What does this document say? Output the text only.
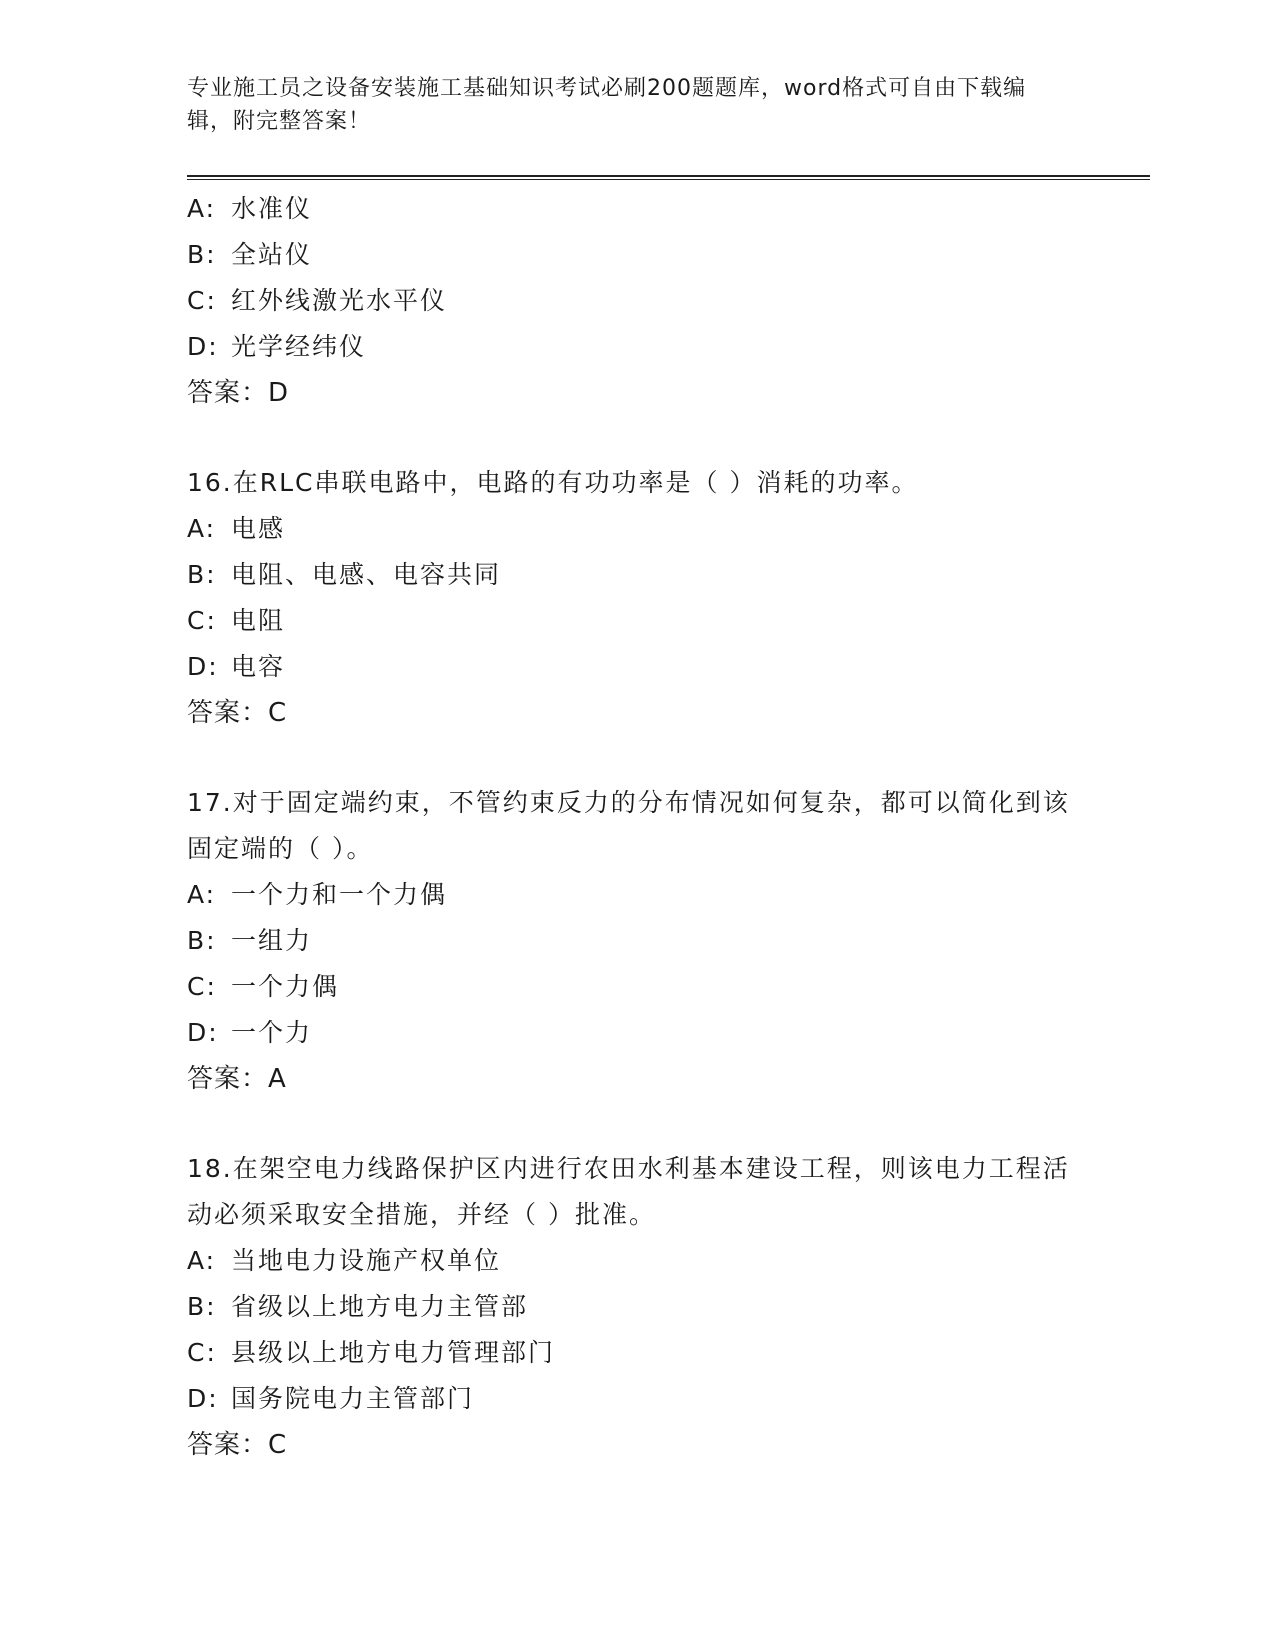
专业施工员之设备安装施工基础知识考试必刷200题题库，word格式可自由下载编辑，附完整答案！
A: 水准仪
B: 全站仪
C: 红外线激光水平仪
D: 光学经纬仪
答案：D
16.在RLC串联电路中，电路的有功功率是（ ）消耗的功率。
A: 电感
B: 电阻、电感、电容共同
C: 电阻
D: 电容
答案：C
17.对于固定端约束，不管约束反力的分布情况如何复杂，都可以简化到该固定端的（ ）。
A: 一个力和一个力偶
B: 一组力
C: 一个力偶
D: 一个力
答案：A
18.在架空电力线路保护区内进行农田水利基本建设工程，则该电力工程活动必须采取安全措施，并经（ ）批准。
A: 当地电力设施产权单位
B: 省级以上地方电力主管部
C: 县级以上地方电力管理部门
D: 国务院电力主管部门
答案：C
